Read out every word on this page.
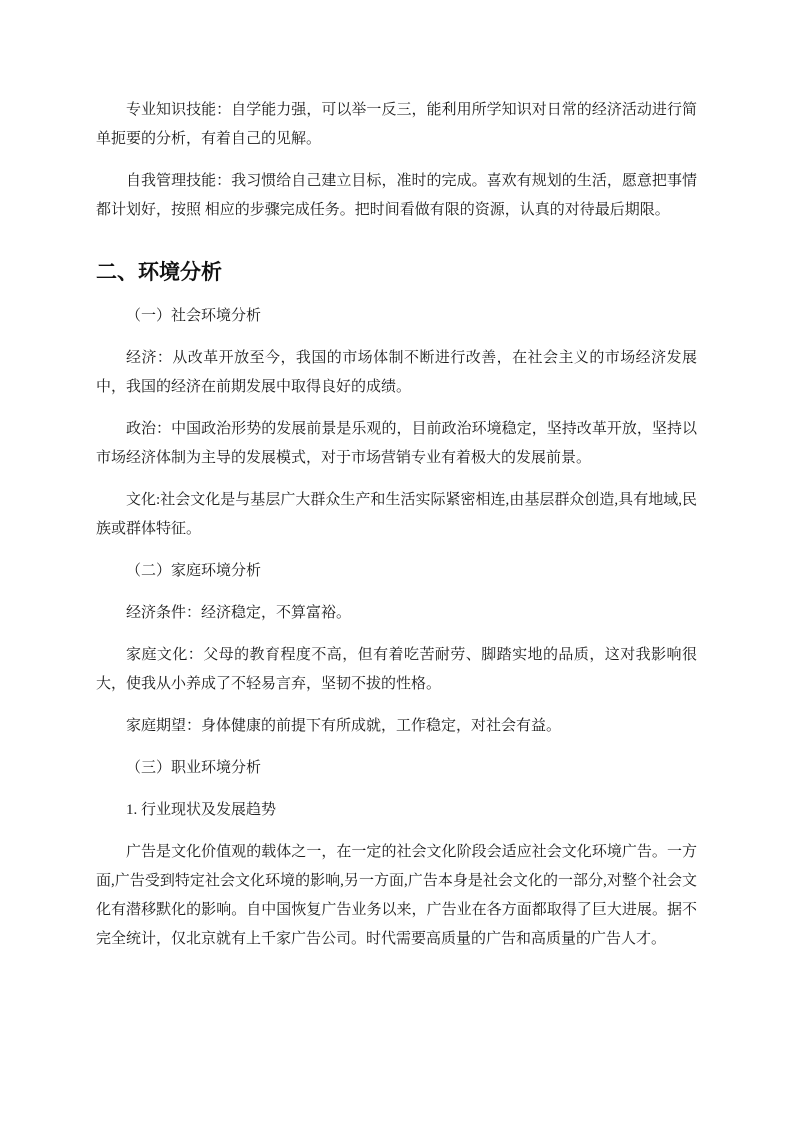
专业知识技能：自学能力强，可以举一反三，能利用所学知识对日常的经济活动进行简单扼要的分析，有着自己的见解。

自我管理技能：我习惯给自己建立目标，准时的完成。喜欢有规划的生活，愿意把事情都计划好，按照 相应的步骤完成任务。把时间看做有限的资源，认真的对待最后期限。

二、环境分析

（一）社会环境分析

经济：从改革开放至今，我国的市场体制不断进行改善，在社会主义的市场经济发展中，我国的经济在前期发展中取得良好的成绩。

政治：中国政治形势的发展前景是乐观的，目前政治环境稳定，坚持改革开放，坚持以市场经济体制为主导的发展模式，对于市场营销专业有着极大的发展前景。

文化:社会文化是与基层广大群众生产和生活实际紧密相连,由基层群众创造,具有地域,民族或群体特征。

（二）家庭环境分析

经济条件：经济稳定，不算富裕。

家庭文化：父母的教育程度不高，但有着吃苦耐劳、脚踏实地的品质，这对我影响很大，使我从小养成了不轻易言弃，坚韧不拔的性格。

家庭期望：身体健康的前提下有所成就，工作稳定，对社会有益。

（三）职业环境分析

1. 行业现状及发展趋势

广告是文化价值观的载体之一，在一定的社会文化阶段会适应社会文化环境广告。一方面,广告受到特定社会文化环境的影响,另一方面,广告本身是社会文化的一部分,对整个社会文化有潜移默化的影响。自中国恢复广告业务以来，广告业在各方面都取得了巨大进展。据不完全统计，仅北京就有上千家广告公司。时代需要高质量的广告和高质量的广告人才。
